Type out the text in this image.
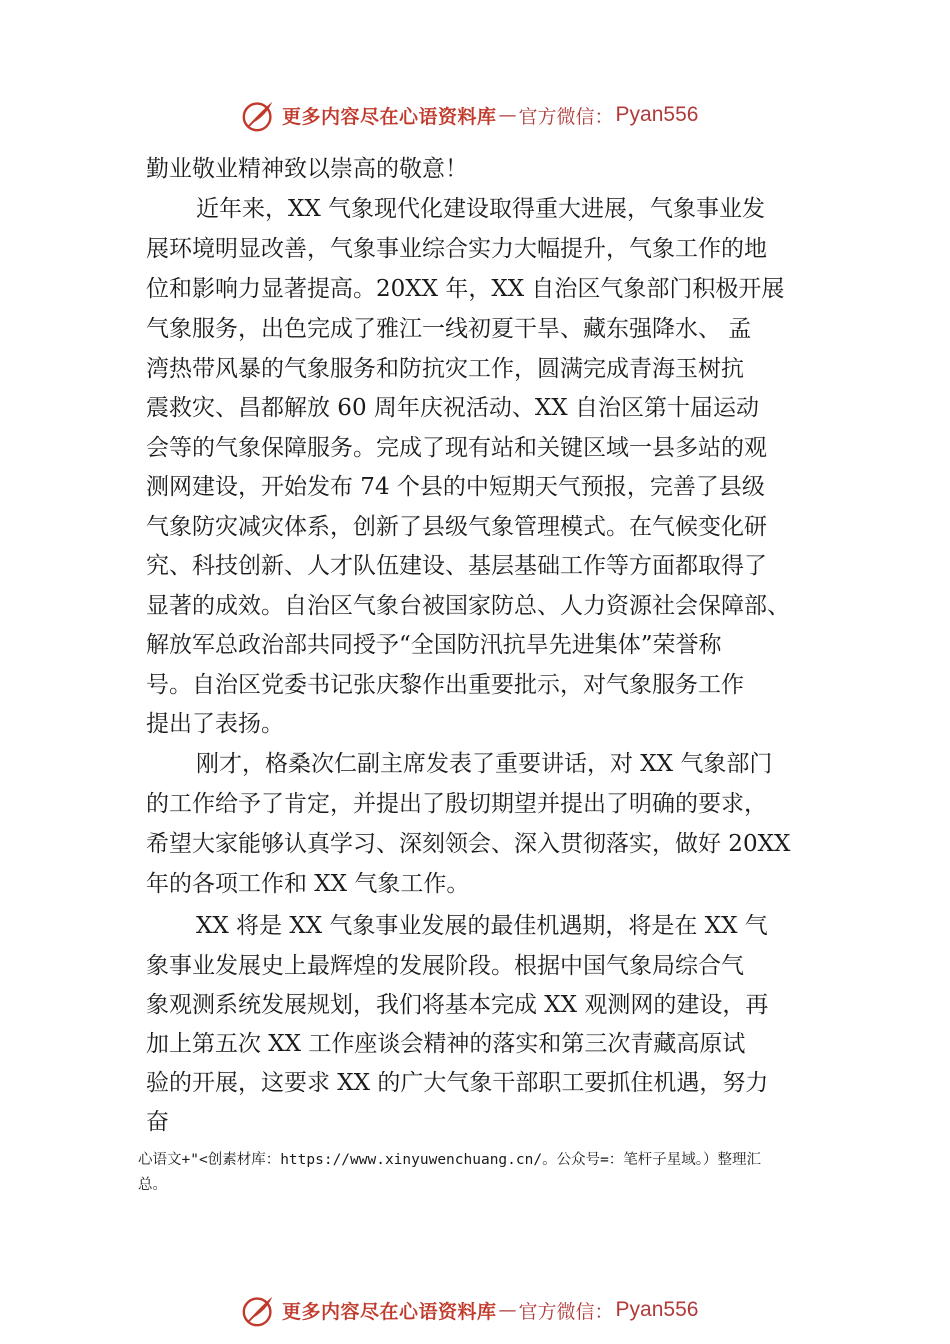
更多内容尽在心语资料库 — 官方微信： Pyan556
勤业敬业精神致以崇高的敬意！
近年来，XX 气象现代化建设取得重大进展，气象事业发
展环境明显改善，气象事业综合实力大幅提升，气象工作的地
位和影响力显著提高。20XX 年，XX 自治区气象部门积极开展
气象服务，出色完成了雅江一线初夏干旱、藏东强降水、 孟
湾热带风暴的气象服务和防抗灾工作，圆满完成青海玉树抗
震救灾、昌都解放 60 周年庆祝活动、XX 自治区第十届运动
会等的气象保障服务。完成了现有站和关键区域一县多站的观
测网建设，开始发布 74 个县的中短期天气预报，完善了县级
气象防灾减灾体系，创新了县级气象管理模式。在气候变化研
究、科技创新、人才队伍建设、基层基础工作等方面都取得了
显著的成效。自治区气象台被国家防总、人力资源社会保障部、
解放军总政治部共同授予“全国防汛抗旱先进集体”荣誉称
号。自治区党委书记张庆黎作出重要批示，对气象服务工作
提出了表扬。
刚才，格桑次仁副主席发表了重要讲话，对 XX 气象部门
的工作给予了肯定，并提出了殷切期望并提出了明确的要求，
希望大家能够认真学习、深刻领会、深入贯彻落实，做好 20XX
年的各项工作和 XX 气象工作。
XX 将是 XX 气象事业发展的最佳机遇期，将是在 XX 气
象事业发展史上最辉煌的发展阶段。根据中国气象局综合气
象观测系统发展规划，我们将基本完成 XX 观测网的建设，再
加上第五次 XX 工作座谈会精神的落实和第三次青藏高原试
验的开展，这要求 XX 的广大气象干部职工要抓住机遇，努力
奋
心语文+"<创素材库：https://www.xinyuwenchuang.cn/。公众号=：笔杆子星域。）整理汇
总。
更多内容尽在心语资料库 — 官方微信： Pyan556
